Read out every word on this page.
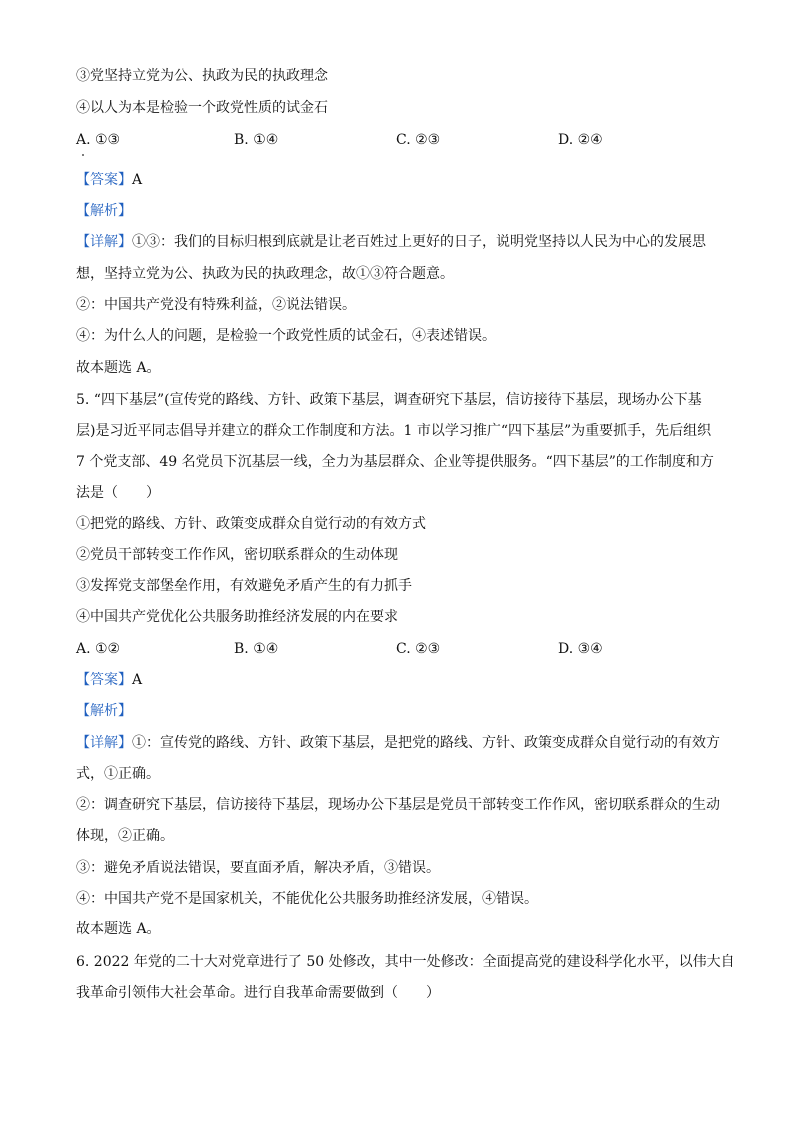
③党坚持立党为公、执政为民的执政理念
④以人为本是检验一个政党性质的试金石
A. ①③	B. ①④	C. ②③	D. ②④
【答案】A
【解析】
【详解】①③：我们的目标归根到底就是让老百姓过上更好的日子，说明党坚持以人民为中心的发展思
想，坚持立党为公、执政为民的执政理念，故①③符合题意。
②：中国共产党没有特殊利益，②说法错误。
④：为什么人的问题，是检验一个政党性质的试金石，④表述错误。
故本题选 A。
5. “四下基层”(宣传党的路线、方针、政策下基层，调查研究下基层，信访接待下基层，现场办公下基
层)是习近平同志倡导并建立的群众工作制度和方法。1 市以学习推广“四下基层”为重要抓手，先后组织
7 个党支部、49 名党员下沉基层一线，全力为基层群众、企业等提供服务。“四下基层”的工作制度和方
法是（　　）
①把党的路线、方针、政策变成群众自觉行动的有效方式
②党员干部转变工作作风，密切联系群众的生动体现
③发挥党支部堡垒作用，有效避免矛盾产生的有力抓手
④中国共产党优化公共服务助推经济发展的内在要求
A. ①②	B. ①④	C. ②③	D. ③④
【答案】A
【解析】
【详解】①：宣传党的路线、方针、政策下基层，是把党的路线、方针、政策变成群众自觉行动的有效方
式，①正确。
②：调查研究下基层，信访接待下基层，现场办公下基层是党员干部转变工作作风，密切联系群众的生动
体现，②正确。
③：避免矛盾说法错误，要直面矛盾，解决矛盾，③错误。
④：中国共产党不是国家机关，不能优化公共服务助推经济发展，④错误。
故本题选 A。
6. 2022 年党的二十大对党章进行了 50 处修改，其中一处修改：全面提高党的建设科学化水平，以伟大自
我革命引领伟大社会革命。进行自我革命需要做到（　　）
